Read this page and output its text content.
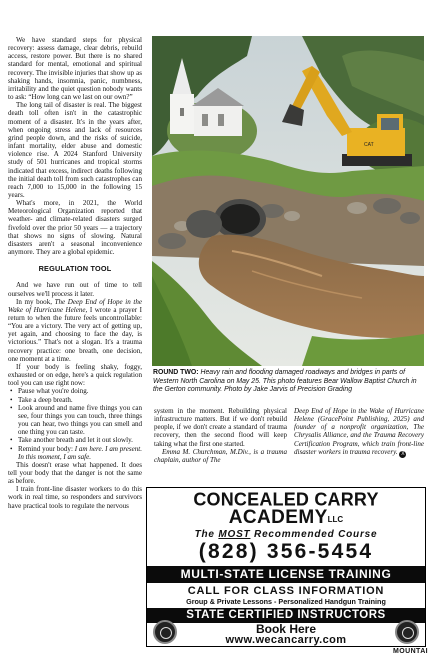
We have standard steps for physical recovery: assess damage, clear debris, rebuild access, restore power. But there is no shared standard for mental, emotional and spiritual recovery. The invisible injuries that show up as shaking hands, insomnia, panic, numbness, irritability and the quiet question nobody wants to ask: “How long can we last on our own?”

The long tail of disaster is real. The biggest death toll often isn't in the catastrophic moment of a disaster. It's in the years after, when ongoing stress and lack of resources grind people down, and the risks of suicide, infant mortality, elder abuse and domestic violence rise. A 2024 Stanford University study of 501 hurricanes and tropical storms indicated that excess, indirect deaths following the initial death toll from such catastrophes can reach 7,000 to 15,000 in the following 15 years.

What's more, in 2021, the World Meteorological Organization reported that weather- and climate-related disasters surged fivefold over the prior 50 years — a trajectory that shows no signs of slowing. Natural disasters aren't a seasonal inconvenience anymore. They are a global epidemic.

REGULATION TOOL

And we have run out of time to tell ourselves we'll process it later.

In my book, The Deep End of Hope in the Wake of Hurricane Helene, I wrote a prayer I return to when the future feels uncontrollable: “You are a victory. The very act of getting up, yet again, and choosing to face the day, is victorious.” That's not a slogan. It's a trauma recovery practice: one breath, one decision, one moment at a time.

If your body is feeling shaky, foggy, exhausted or on edge, here's a quick regulation tool you can use right now:

• Pause what you're doing.
• Take a deep breath.
• Look around and name five things you can see, four things you can touch, three things you can hear, two things you can smell and one thing you can taste.
• Take another breath and let it out slowly.
• Remind your body: I am here. I am present. In this moment, I am safe.

This doesn't erase what happened. It does tell your body that the danger is not the same as before.

I train front-line disaster workers to do this work in real time, so responders and survivors have practical tools to regulate the nervous

CAT
ROUND TWO: Heavy rain and flooding damaged roadways and bridges in parts of Western North Carolina on May 25. This photo features Bear Wallow Baptist Church in the Gerton community. Photo by Jake Jarvis of Precision Grading

system in the moment. Rebuilding physical infrastructure matters. But if we don't rebuild people, if we don't create a standard of trauma recovery, then the second flood will keep taking what the first one started.

Emma M. Churchman, M.Div., is a trauma chaplain, author of The

Deep End of Hope in the Wake of Hurricane Helene (GracePoint Publishing, 2025) and founder of a nonprofit organization, The Chrysalis Alliance, and the Trauma Recovery Certification Program, which train front-line disaster workers in trauma recovery. X

CONCEALED CARRY
ACADEMYLLC
The MOST Recommended Course
(828) 356-5454
MULTI-STATE LICENSE TRAINING
CALL FOR CLASS INFORMATION
Group & Private Lessons - Personalized Handgun Training
STATE CERTIFIED INSTRUCTORS
Book Here
www.wecancarry.com
MOUNTAI
